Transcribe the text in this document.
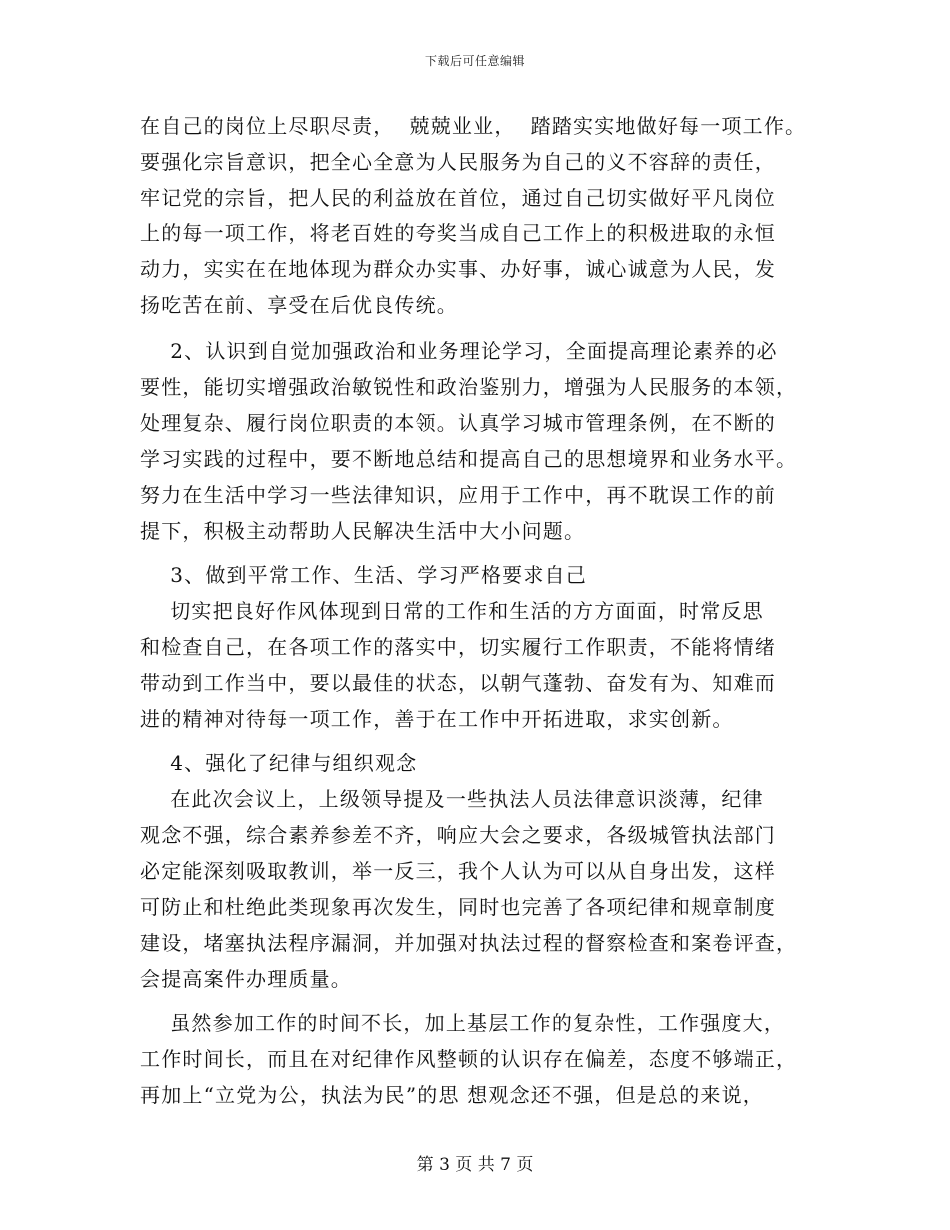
下载后可任意编辑
在自己的岗位上尽职尽责，  兢兢业业，  踏踏实实地做好每一项工作。
要强化宗旨意识，把全心全意为人民服务为自己的义不容辞的责任，
牢记党的宗旨，把人民的利益放在首位，通过自己切实做好平凡岗位
上的每一项工作，将老百姓的夸奖当成自己工作上的积极进取的永恒
动力，实实在在地体现为群众办实事、办好事，诚心诚意为人民，发
扬吃苦在前、享受在后优良传统。
2、认识到自觉加强政治和业务理论学习，全面提高理论素养的必
要性，能切实增强政治敏锐性和政治鉴别力，增强为人民服务的本领，
处理复杂、履行岗位职责的本领。认真学习城市管理条例，在不断的
学习实践的过程中，要不断地总结和提高自己的思想境界和业务水平。
努力在生活中学习一些法律知识，应用于工作中，再不耽误工作的前
提下，积极主动帮助人民解决生活中大小问题。
3、做到平常工作、生活、学习严格要求自己
切实把良好作风体现到日常的工作和生活的方方面面，时常反思
和检查自己，在各项工作的落实中，切实履行工作职责，不能将情绪
带动到工作当中，要以最佳的状态，以朝气蓬勃、奋发有为、知难而
进的精神对待每一项工作，善于在工作中开拓进取，求实创新。
4、强化了纪律与组织观念
在此次会议上，上级领导提及一些执法人员法律意识淡薄，纪律
观念不强，综合素养参差不齐，响应大会之要求，各级城管执法部门
必定能深刻吸取教训，举一反三，我个人认为可以从自身出发，这样
可防止和杜绝此类现象再次发生，同时也完善了各项纪律和规章制度
建设，堵塞执法程序漏洞，并加强对执法过程的督察检查和案卷评查，
会提高案件办理质量。
虽然参加工作的时间不长，加上基层工作的复杂性，工作强度大，
工作时间长，而且在对纪律作风整顿的认识存在偏差，态度不够端正，
再加上“立党为公，执法为民”的思 想观念还不强，但是总的来说，
第 3 页 共 7 页
